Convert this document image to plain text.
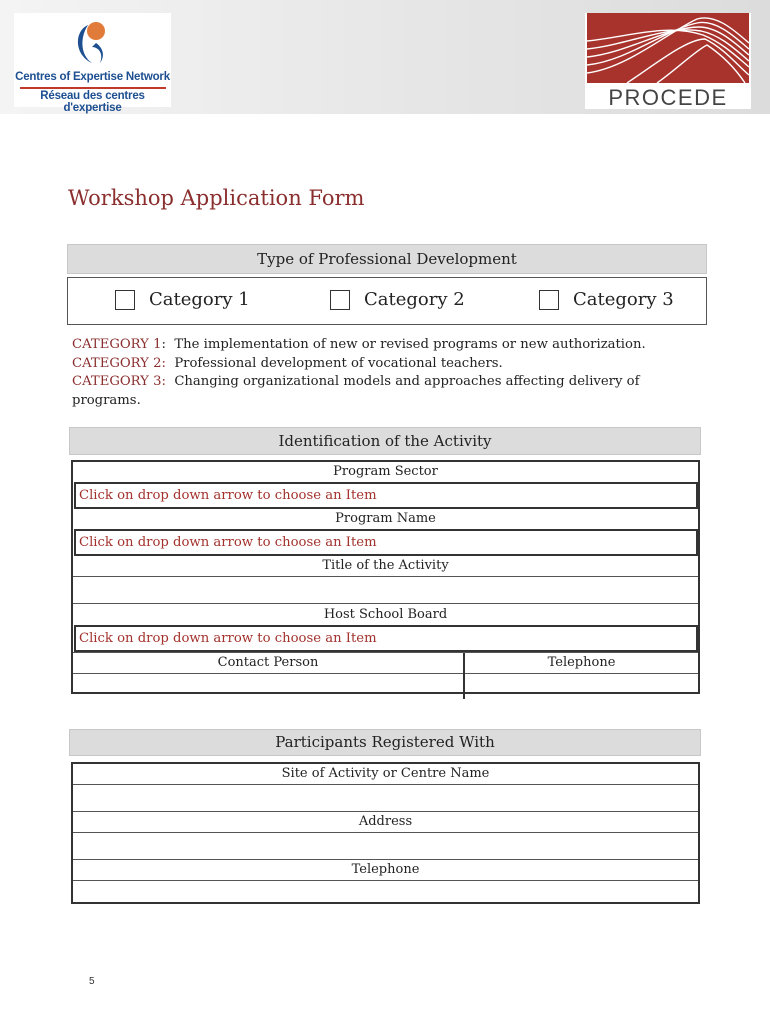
Centres of Expertise Network
Réseau des centres d'expertise	PROCEDE
Workshop Application Form
Type of Professional Development
Category 1	Category 2	Category 3
CATEGORY 1: The implementation of new or revised programs or new authorization.
CATEGORY 2: Professional development of vocational teachers.
CATEGORY 3: Changing organizational models and approaches affecting delivery of programs.
Identification of the Activity
Program Sector
Click on drop down arrow to choose an Item
Program Name
Click on drop down arrow to choose an Item
Title of the Activity
Host School Board
Click on drop down arrow to choose an Item
Contact Person	Telephone
Participants Registered With
Site of Activity or Centre Name
Address
Telephone
5
